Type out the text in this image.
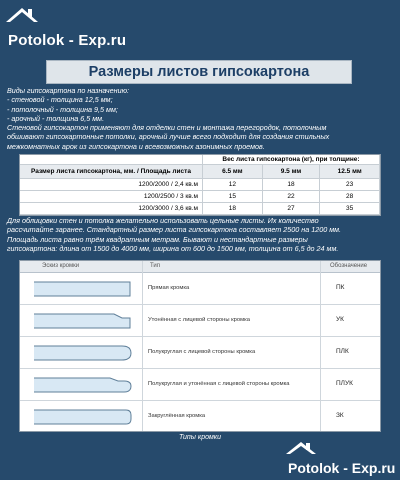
Potolok - Exp.ru
Размеры листов гипсокартона
Виды гипсокартона по назначению:
- стеновой - толщина 12,5 мм;
- потолочный - толщина 9,5 мм;
- арочный - толщина 6,5 мм.
Стеновой гипсокартон применяют для отделки стен и монтажа перегородок, потолочным
обшивают гипсокартонные потолки, арочный лучше всего подходит для создания стильных
межкомнатных арок из гипсокартона и всевозможных азонимных проемов.
Вес листа гипсокартона (кг), при толщине:
Размер листа гипсокартона, мм. / Площадь листа	6.5 мм	9.5 мм	12.5 мм
1200/2000 / 2,4 кв.м	12	18	23
1200/2500 / 3 кв.м	15	22	28
1200/3000 / 3,6 кв.м	18	27	35
Для облицовки стен и потолка желательно использовать цельные листы. Их количество
рассчитайте заранее. Стандартный размер листа гипсокартона составляет 2500 на 1200 мм.
Площадь листа равно трём квадратным метрам. Бывают и нестандартные размеры
гипсокартона: длина от 1500 до 4000 мм, ширина от 600 до 1500 мм, толщина от 6,5 до 24 мм.
Эскиз кромки	Тип	Обозначение
Прямая кромка	ПК
Утонённая с лицевой стороны кромка	УК
Полукруглая с лицевой стороны кромка	ПЛК
Полукруглая и утонённая с лицевой стороны кромка	ПЛУК
Закруглённая кромка	ЗК
Типы кромки
Potolok - Exp.ru
